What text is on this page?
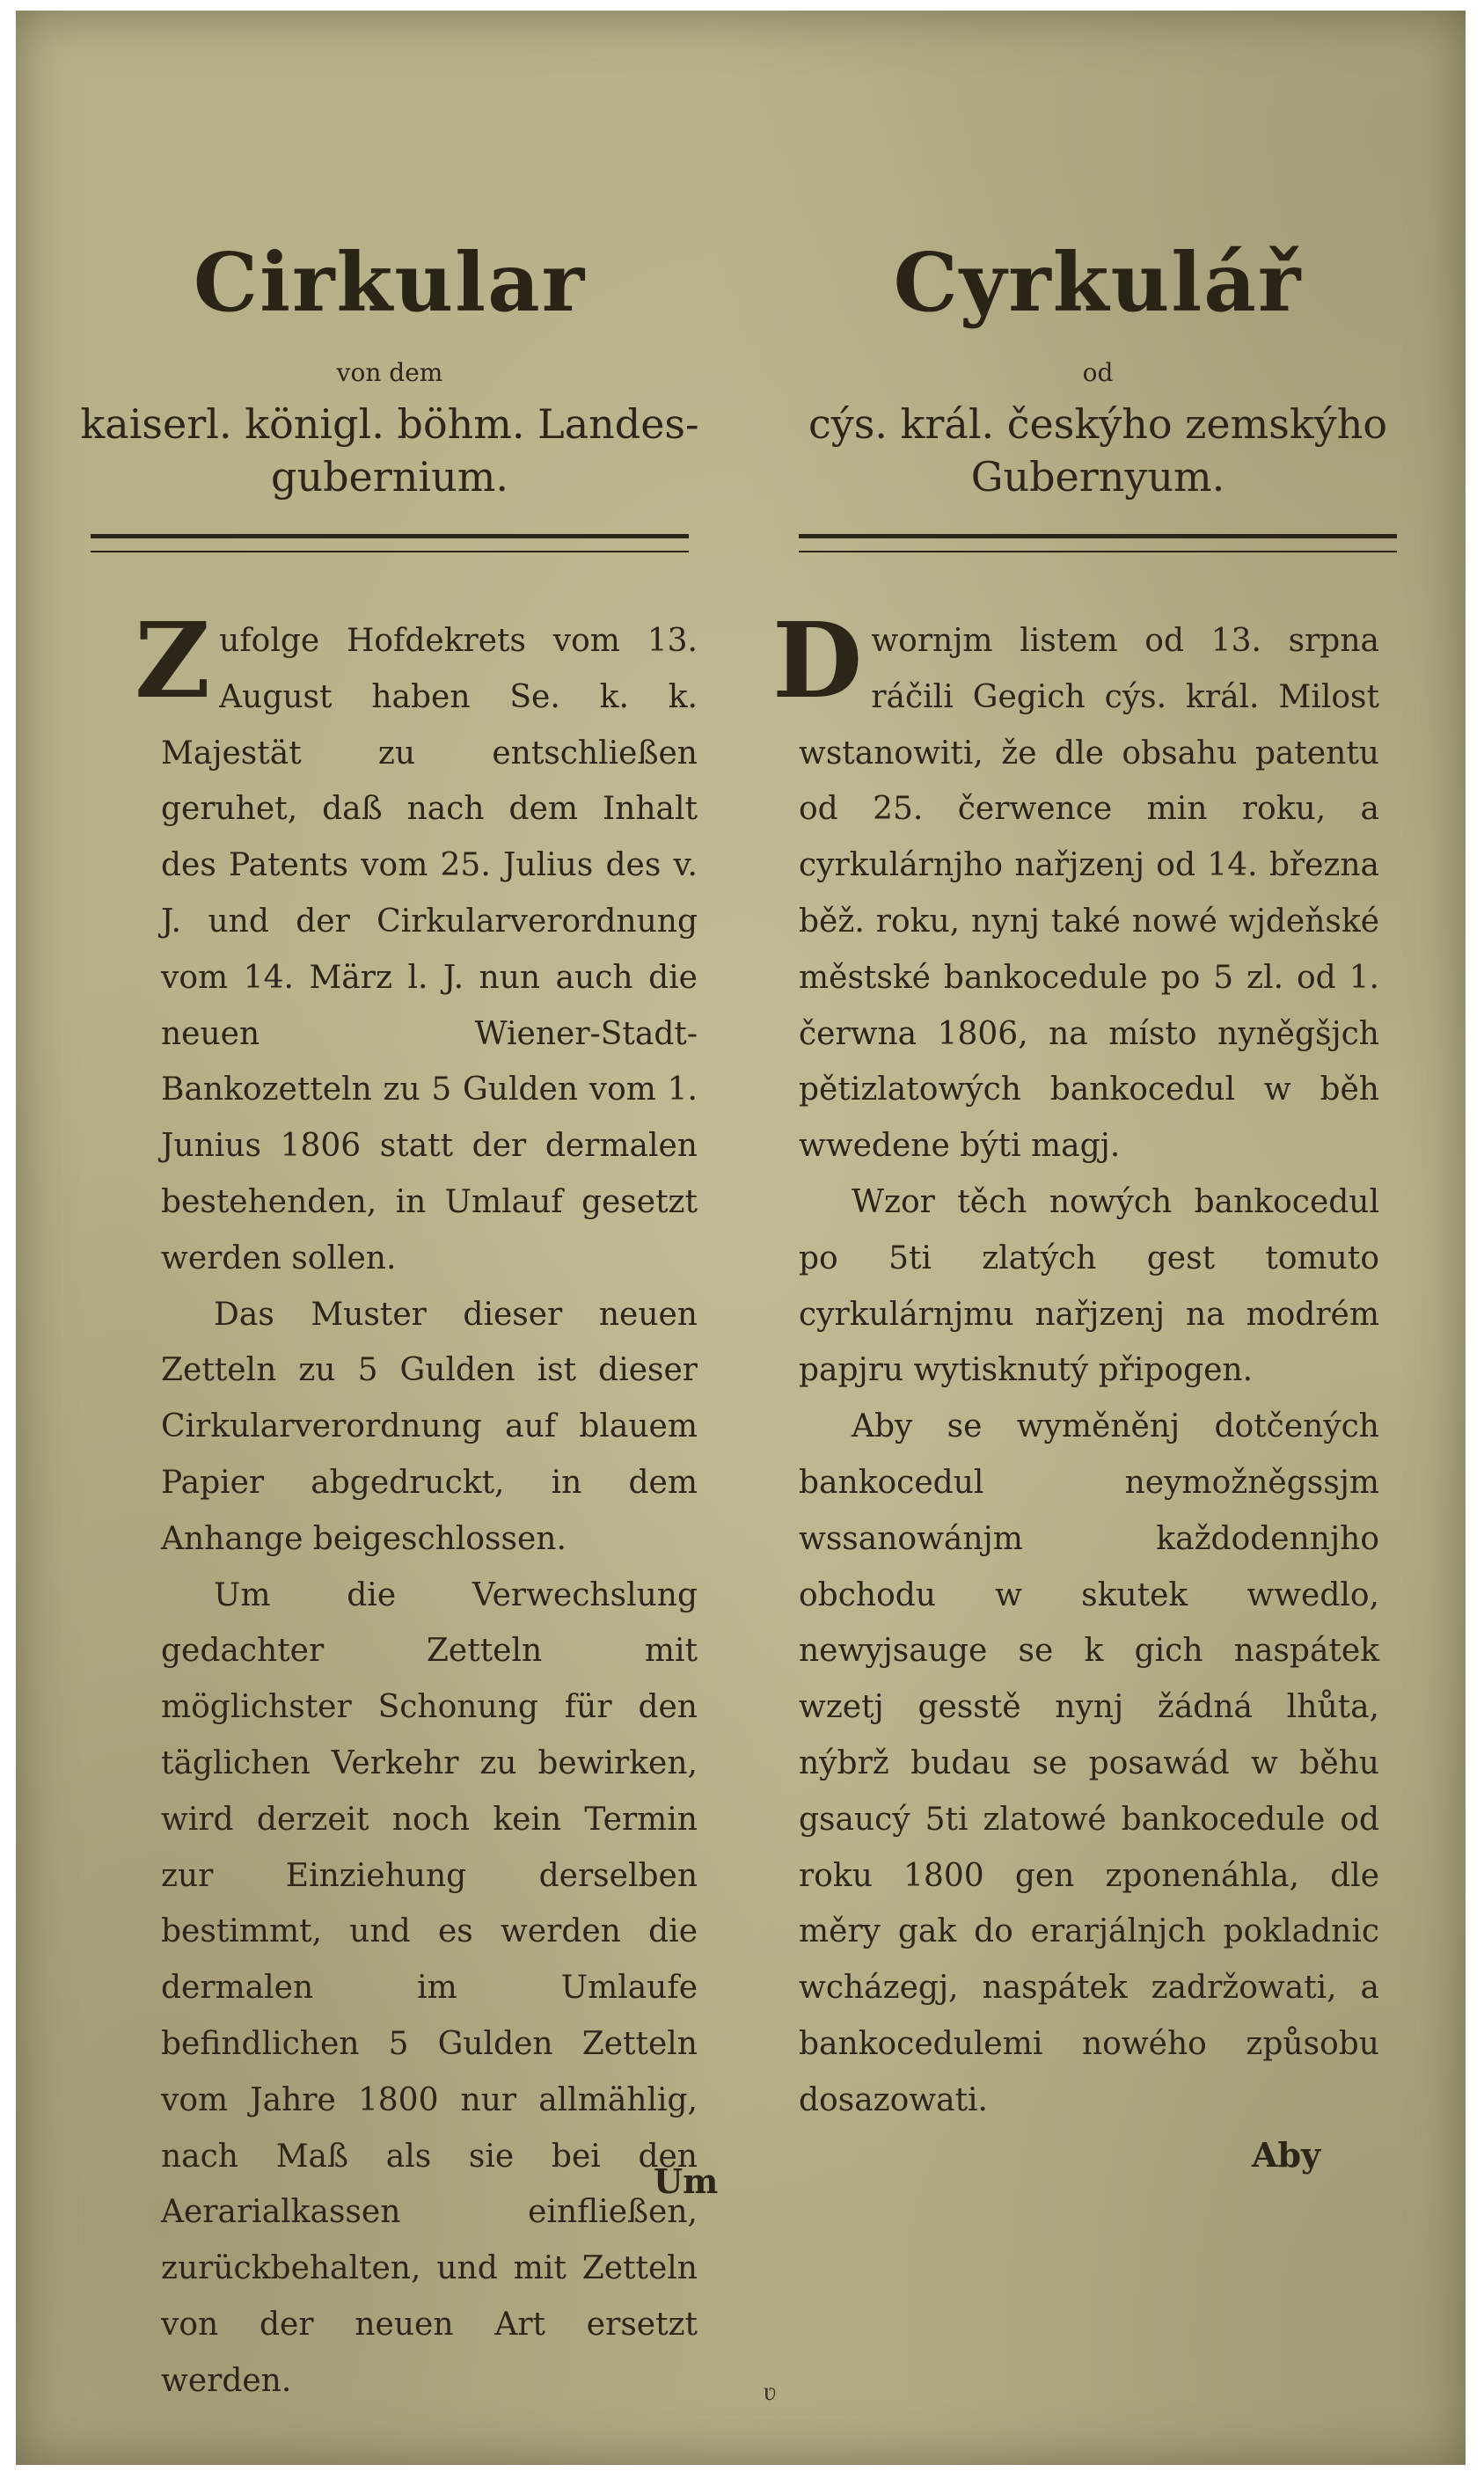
Cirkular
von dem
kaiserl. königl. böhm. Landes- gubernium.

Zufolge Hofdekrets vom 13. August haben Se. k. k. Majestät zu entschließen geruhet, daß nach dem Inhalt des Patents vom 25. Julius des v. J. und der Cirkularverordnung vom 14. März l. J. nun auch die neuen Wiener-Stadt-Bankozetteln zu 5 Gulden vom 1. Junius 1806 statt der dermalen bestehenden, in Umlauf gesetzt werden sollen.

Das Muster dieser neuen Zetteln zu 5 Gulden ist dieser Cirkularverordnung auf blauem Papier abgedruckt, in dem Anhange beigeschlossen.

Um die Verwechslung gedachter Zetteln mit möglichster Schonung für den täglichen Verkehr zu bewirken, wird derzeit noch kein Termin zur Einziehung derselben bestimmt, und es werden die dermalen im Umlaufe befindlichen 5 Gulden Zetteln vom Jahre 1800 nur allmählig, nach Maß als sie bei den Aerarialkassen einfließen, zurückbehalten, und mit Zetteln von der neuen Art ersetzt werden.

Um
Cyrkulář
od
cýs. král. českýho zemskýho Gubernyum.

Dwornjm listem od 13. srpna ráčili Gegich cýs. král. Milost wstanowiti, že dle obsahu patentu od 25. čerwence min roku, a cyrkulárnjho nařjzenj od 14. března běž. roku, nynj také nowé wjdeňské městské bankocedule po 5 zl. od 1. čerwna 1806, na místo nyněgšjch pětizlatowých bankocedul w běh wwedene býti magj.

Wzor těch nowých bankocedul po 5ti zlatých gest tomuto cyrkulárnjmu nařjzenj na modrém papjru wytisknutý připogen.

Aby se wyměněnj dotčených bankocedul neymožněgssjm wssanowánjm každodennjho obchodu w skutek wwedlo, newyjsauge se k gich naspátek wzetj gesstě nynj žádná lhůta, nýbrž budau se posawád w běhu gsaucý 5ti zlatowé bankocedule od roku 1800 gen zponenáhla, dle měry gak do erarjálnjch pokladnic wcházegj, naspátek zadržowati, a bankocedulemi nowého způsobu dosazowati.

Aby
ʋ
